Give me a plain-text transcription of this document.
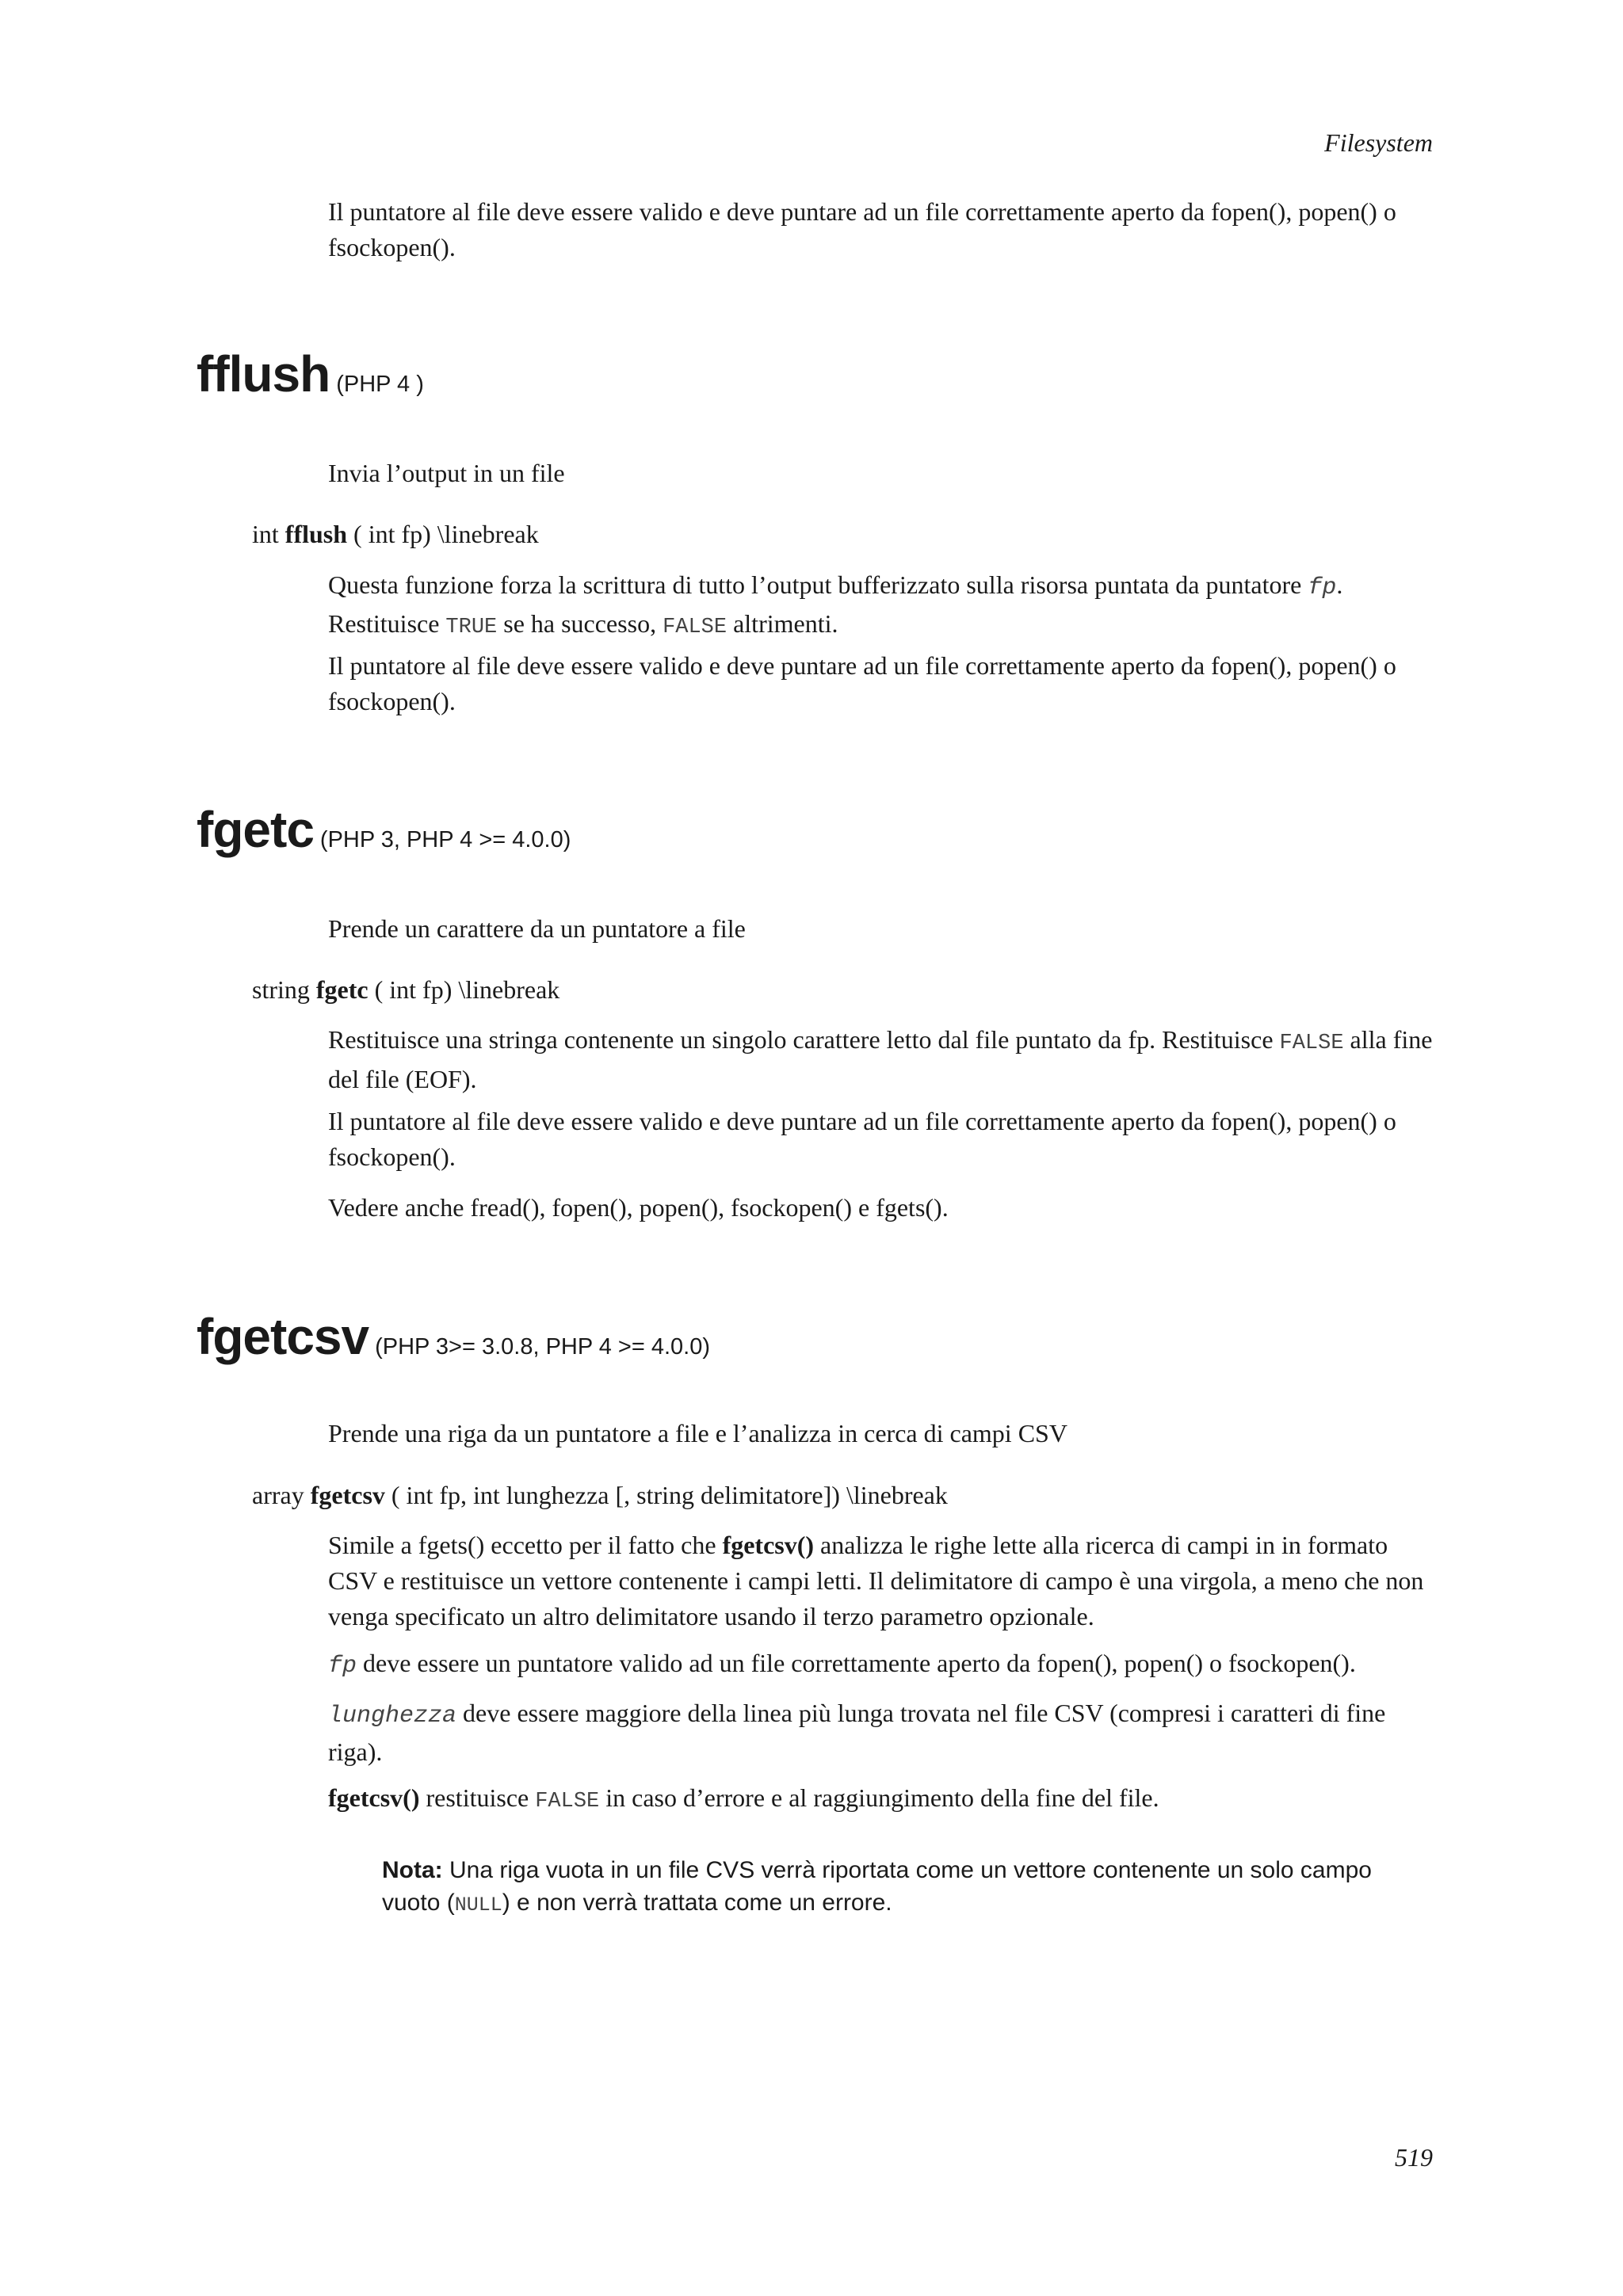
Filesystem

Il puntatore al file deve essere valido e deve puntare ad un file correttamente aperto da fopen(), popen() o fsockopen().

fflush (PHP 4 )

Invia l’output in un file

int fflush ( int fp) \linebreak

Questa funzione forza la scrittura di tutto l’output bufferizzato sulla risorsa puntata da puntatore fp. Restituisce TRUE se ha successo, FALSE altrimenti.

Il puntatore al file deve essere valido e deve puntare ad un file correttamente aperto da fopen(), popen() o fsockopen().

fgetc (PHP 3, PHP 4 >= 4.0.0)

Prende un carattere da un puntatore a file

string fgetc ( int fp) \linebreak

Restituisce una stringa contenente un singolo carattere letto dal file puntato da fp. Restituisce FALSE alla fine del file (EOF).

Il puntatore al file deve essere valido e deve puntare ad un file correttamente aperto da fopen(), popen() o fsockopen().

Vedere anche fread(), fopen(), popen(), fsockopen() e fgets().

fgetcsv (PHP 3>= 3.0.8, PHP 4 >= 4.0.0)

Prende una riga da un puntatore a file e l’analizza in cerca di campi CSV

array fgetcsv ( int fp, int lunghezza [, string delimitatore]) \linebreak

Simile a fgets() eccetto per il fatto che fgetcsv() analizza le righe lette alla ricerca di campi in in formato CSV e restituisce un vettore contenente i campi letti. Il delimitatore di campo è una virgola, a meno che non venga specificato un altro delimitatore usando il terzo parametro opzionale.

fp deve essere un puntatore valido ad un file correttamente aperto da fopen(), popen() o fsockopen().

lunghezza deve essere maggiore della linea più lunga trovata nel file CSV (compresi i caratteri di fine riga).

fgetcsv() restituisce FALSE in caso d’errore e al raggiungimento della fine del file.

Nota: Una riga vuota in un file CVS verrà riportata come un vettore contenente un solo campo vuoto (NULL) e non verrà trattata come un errore.

519
